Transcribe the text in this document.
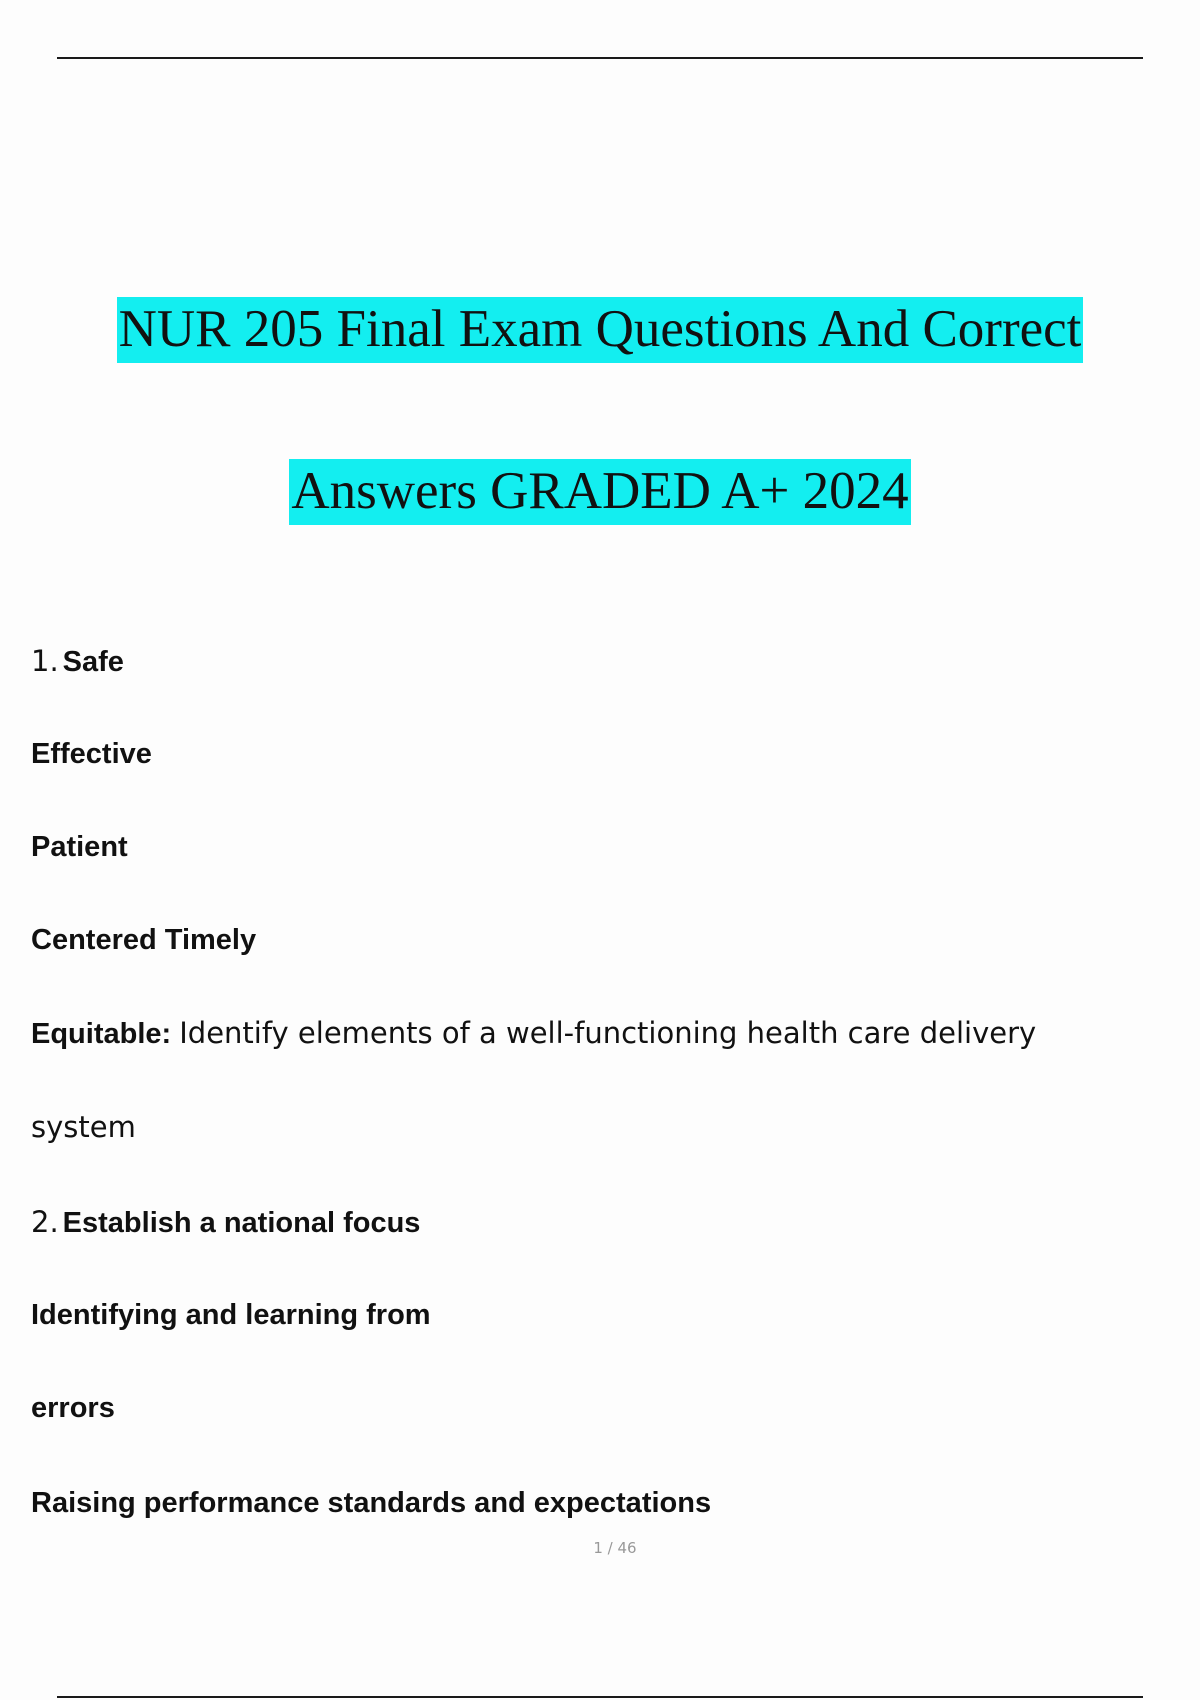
NUR 205 Final Exam Questions And Correct
Answers GRADED A+ 2024
1. Safe
Effective
Patient
Centered Timely
Equitable: Identify elements of a well-functioning health care delivery
system
2. Establish a national focus
Identifying and learning from
errors
Raising performance standards and expectations
1 / 46
